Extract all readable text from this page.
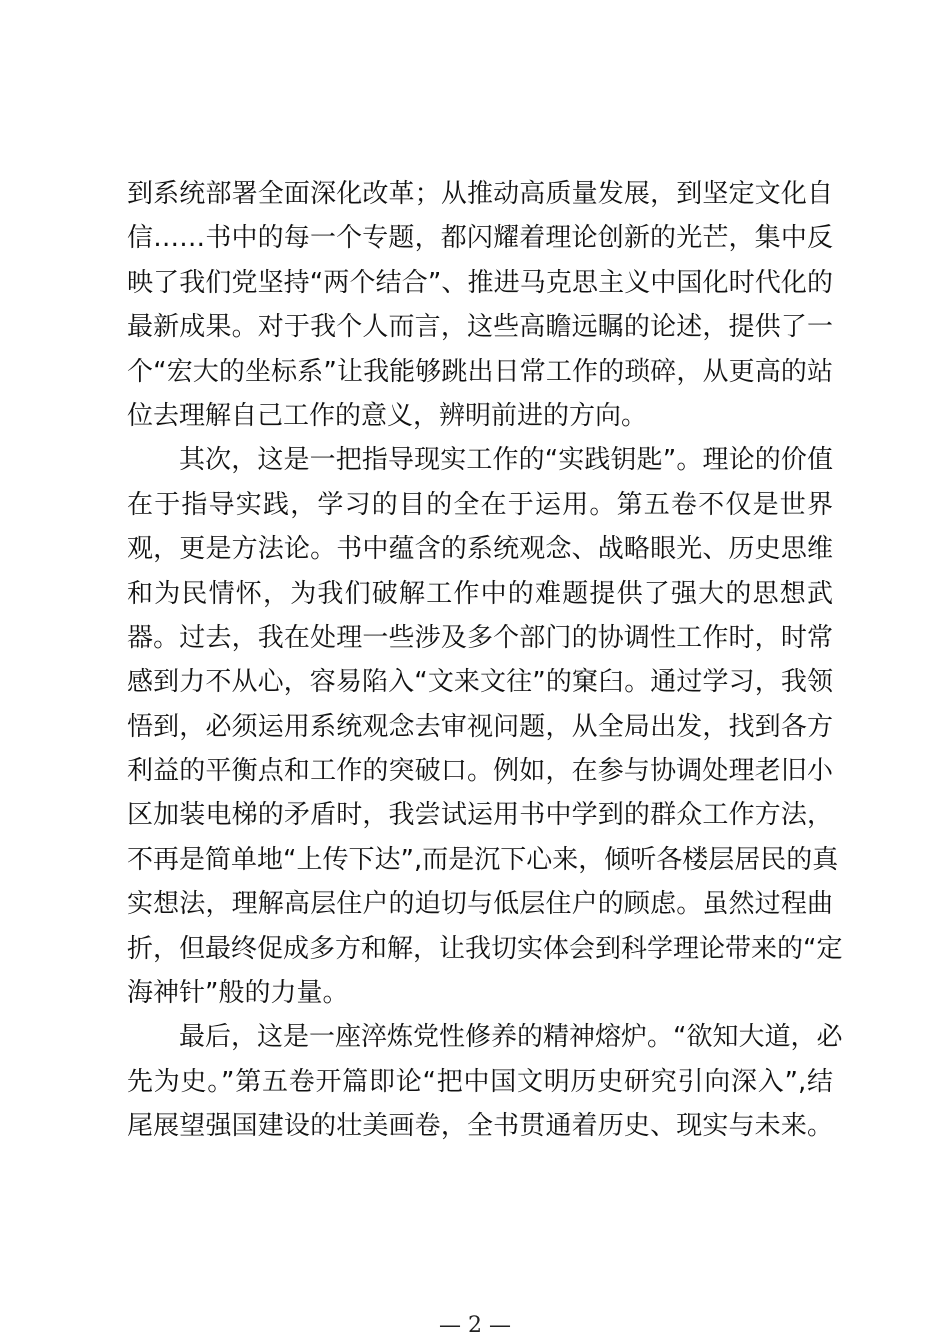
到系统部署全面深化改革；从推动高质量发展，到坚定文化自
信……书中的每一个专题，都闪耀着理论创新的光芒，集中反
映了我们党坚持“两个结合”、推进马克思主义中国化时代化的
最新成果。对于我个人而言，这些高瞻远瞩的论述，提供了一
个“宏大的坐标系”让我能够跳出日常工作的琐碎，从更高的站
位去理解自己工作的意义，辨明前进的方向。
其次，这是一把指导现实工作的“实践钥匙”。理论的价值
在于指导实践，学习的目的全在于运用。第五卷不仅是世界
观，更是方法论。书中蕴含的系统观念、战略眼光、历史思维
和为民情怀，为我们破解工作中的难题提供了强大的思想武
器。过去，我在处理一些涉及多个部门的协调性工作时，时常
感到力不从心，容易陷入“文来文往”的窠臼。通过学习，我领
悟到，必须运用系统观念去审视问题，从全局出发，找到各方
利益的平衡点和工作的突破口。例如，在参与协调处理老旧小
区加装电梯的矛盾时，我尝试运用书中学到的群众工作方法，
不再是简单地“上传下达”,而是沉下心来，倾听各楼层居民的真
实想法，理解高层住户的迫切与低层住户的顾虑。虽然过程曲
折，但最终促成多方和解，让我切实体会到科学理论带来的“定
海神针”般的力量。
最后，这是一座淬炼党性修养的精神熔炉。“欲知大道，必
先为史。”第五卷开篇即论“把中国文明历史研究引向深入”,结
尾展望强国建设的壮美画卷，全书贯通着历史、现实与未来。
— 2 —
